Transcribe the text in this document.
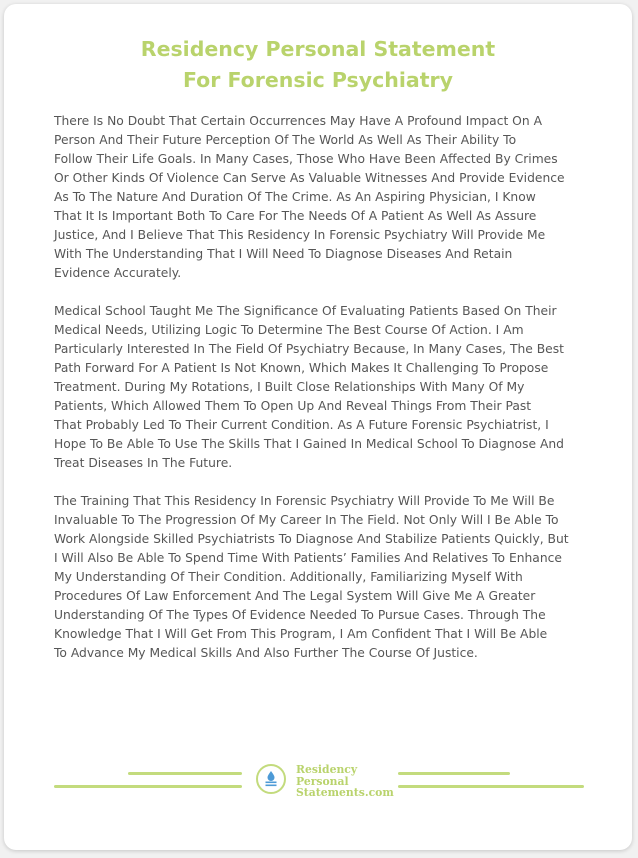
Residency Personal Statement
For Forensic Psychiatry

There Is No Doubt That Certain Occurrences May Have A Profound Impact On A
Person And Their Future Perception Of The World As Well As Their Ability To
Follow Their Life Goals. In Many Cases, Those Who Have Been Affected By Crimes
Or Other Kinds Of Violence Can Serve As Valuable Witnesses And Provide Evidence
As To The Nature And Duration Of The Crime. As An Aspiring Physician, I Know
That It Is Important Both To Care For The Needs Of A Patient As Well As Assure
Justice, And I Believe That This Residency In Forensic Psychiatry Will Provide Me
With The Understanding That I Will Need To Diagnose Diseases And Retain
Evidence Accurately.

Medical School Taught Me The Significance Of Evaluating Patients Based On Their
Medical Needs, Utilizing Logic To Determine The Best Course Of Action. I Am
Particularly Interested In The Field Of Psychiatry Because, In Many Cases, The Best
Path Forward For A Patient Is Not Known, Which Makes It Challenging To Propose
Treatment. During My Rotations, I Built Close Relationships With Many Of My
Patients, Which Allowed Them To Open Up And Reveal Things From Their Past
That Probably Led To Their Current Condition. As A Future Forensic Psychiatrist, I
Hope To Be Able To Use The Skills That I Gained In Medical School To Diagnose And
Treat Diseases In The Future.

The Training That This Residency In Forensic Psychiatry Will Provide To Me Will Be
Invaluable To The Progression Of My Career In The Field. Not Only Will I Be Able To
Work Alongside Skilled Psychiatrists To Diagnose And Stabilize Patients Quickly, But
I Will Also Be Able To Spend Time With Patients’ Families And Relatives To Enhance
My Understanding Of Their Condition. Additionally, Familiarizing Myself With
Procedures Of Law Enforcement And The Legal System Will Give Me A Greater
Understanding Of The Types Of Evidence Needed To Pursue Cases. Through The
Knowledge That I Will Get From This Program, I Am Confident That I Will Be Able
To Advance My Medical Skills And Also Further The Course Of Justice.

Residency
Personal
Statements.com
